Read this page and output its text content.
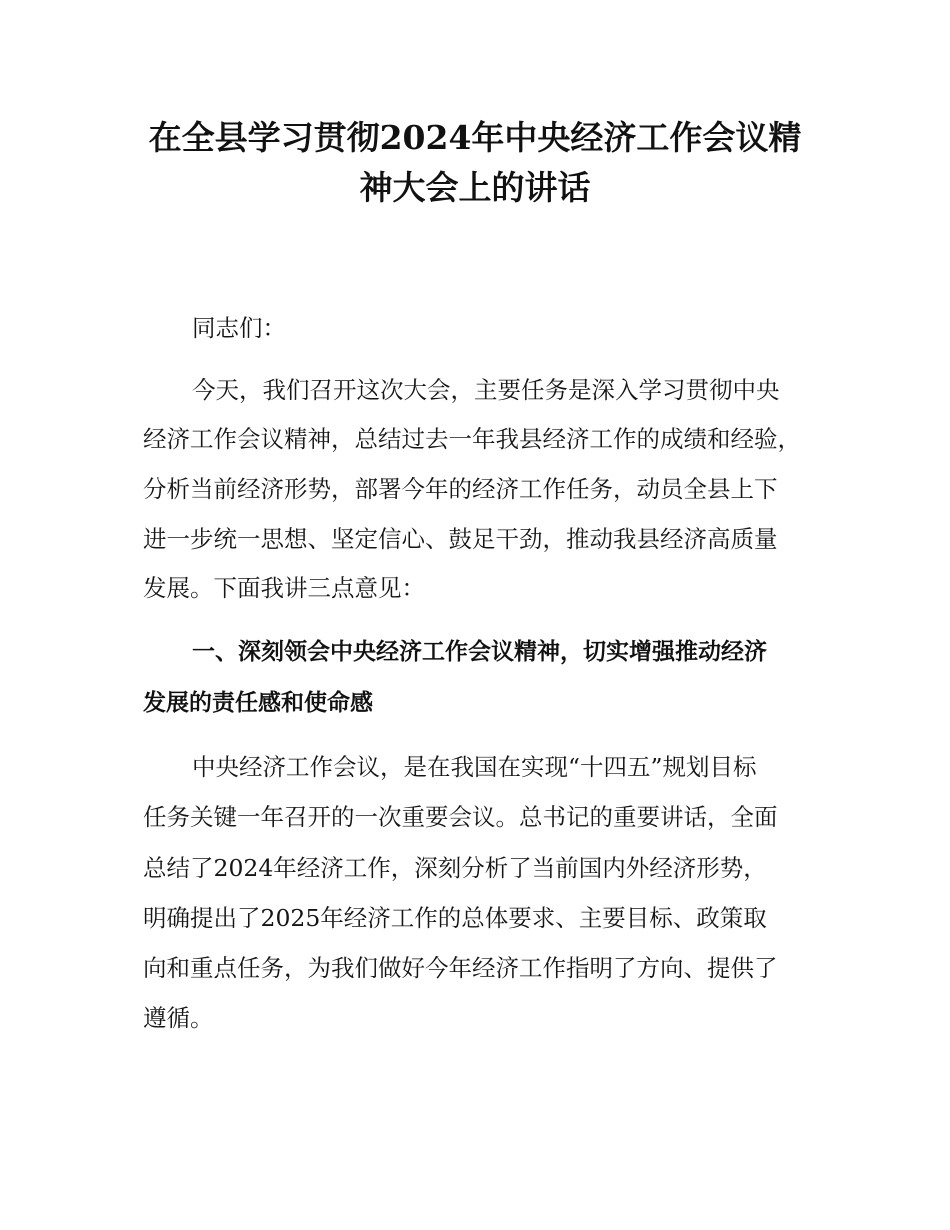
在全县学习贯彻2024年中央经济工作会议精
神大会上的讲话
同志们：
今天，我们召开这次大会，主要任务是深入学习贯彻中央
经济工作会议精神，总结过去一年我县经济工作的成绩和经验，
分析当前经济形势，部署今年的经济工作任务，动员全县上下
进一步统一思想、坚定信心、鼓足干劲，推动我县经济高质量
发展。下面我讲三点意见：
一、深刻领会中央经济工作会议精神，切实增强推动经济
发展的责任感和使命感
中央经济工作会议，是在我国在实现“十四五”规划目标
任务关键一年召开的一次重要会议。总书记的重要讲话，全面
总结了2024年经济工作，深刻分析了当前国内外经济形势，
明确提出了2025年经济工作的总体要求、主要目标、政策取
向和重点任务，为我们做好今年经济工作指明了方向、提供了
遵循。
